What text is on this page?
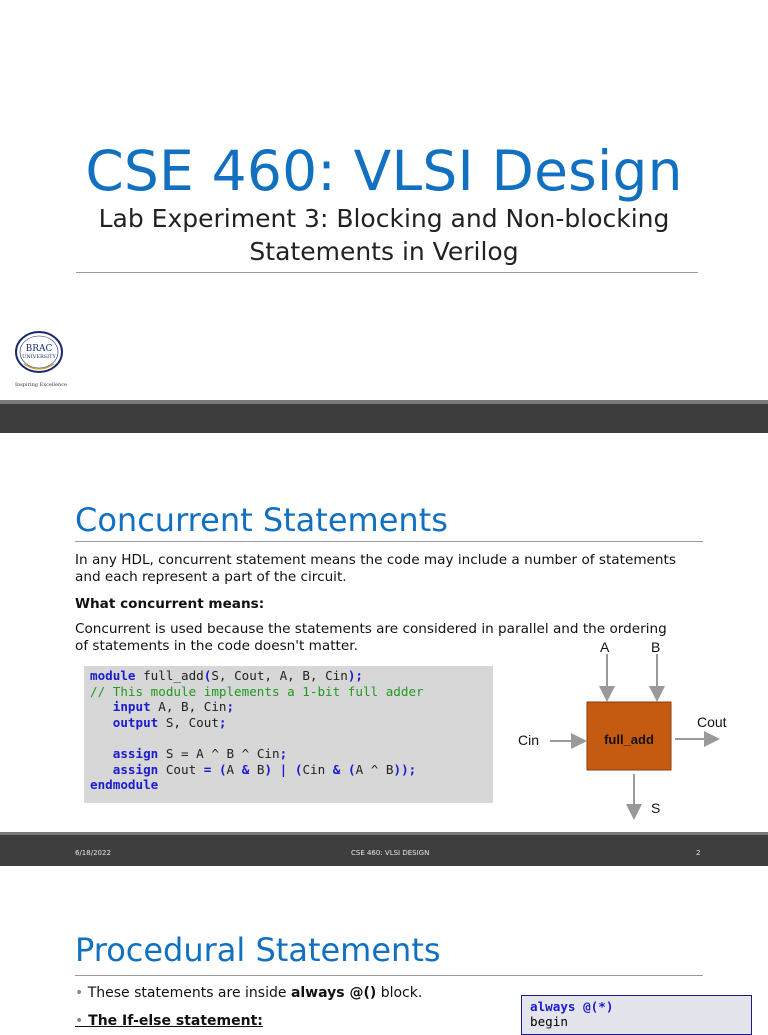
CSE 460: VLSI Design
Lab Experiment 3: Blocking and Non-blocking
Statements in Verilog
BRAC
UNIVERSITY
Inspiring Excellence
Concurrent Statements
In any HDL, concurrent statement means the code may include a number of statements and each represent a part of the circuit.
What concurrent means:
Concurrent is used because the statements are considered in parallel and the ordering of statements in the code doesn't matter.
module full_add(S, Cout, A, B, Cin);
// This module implements a 1-bit full adder
input A, B, Cin;
output S, Cout;

assign S = A ^ B ^ Cin;
assign Cout = (A & B) | (Cin & (A ^ B));
endmodule
full_add
A	B
Cin
Cout
S
6/18/2022	CSE 460: VLSI DESIGN	2
Procedural Statements
• These statements are inside always @() block.
• The If-else statement:
always @(*)
begin
